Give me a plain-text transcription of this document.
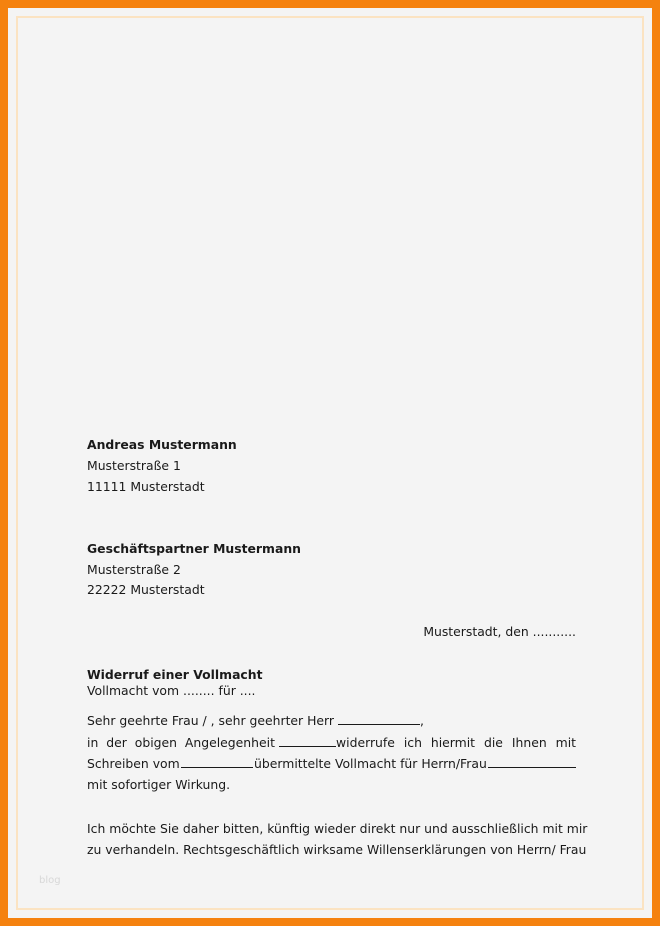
Andreas Mustermann
Musterstraße 1
11111 Musterstadt
Geschäftspartner Mustermann
Musterstraße 2
22222 Musterstadt
Musterstadt, den ...........
Widerruf einer Vollmacht
Vollmacht vom ........ für ....
Sehr geehrte Frau / , sehr geehrter Herr	,
in der obigen Angelegenheit	widerrufe ich hiermit die Ihnen mit
Schreiben vom	übermittelte Vollmacht für Herrn/Frau
mit sofortiger Wirkung.
Ich möchte Sie daher bitten, künftig wieder direkt nur und ausschließlich mit mir
zu verhandeln. Rechtsgeschäftlich wirksame Willenserklärungen von Herrn/ Frau
blog
